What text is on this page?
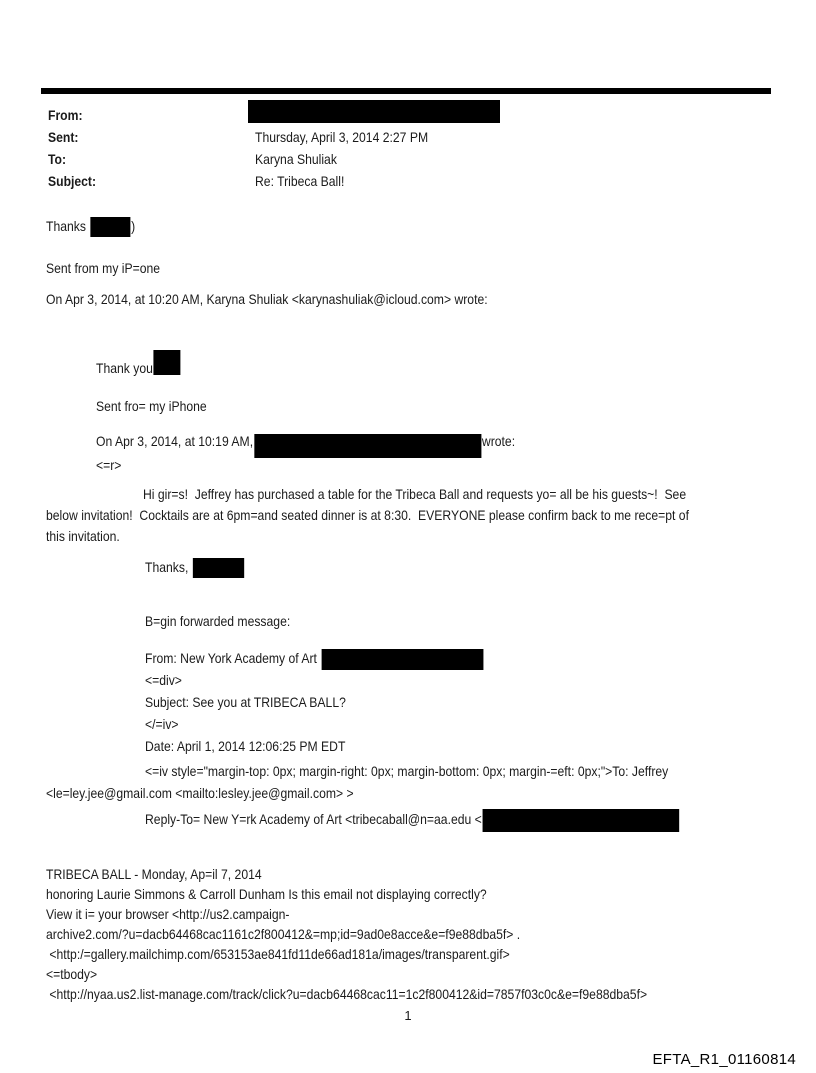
From:
Sent:	Thursday, April 3, 2014 2:27 PM
To:	Karyna Shuliak
Subject:	Re: Tribeca Ball!
Thanks	)
Sent from my iP=one
On Apr 3, 2014, at 10:20 AM, Karyna Shuliak <karynashuliak@icloud.com> wrote:
Thank you
Sent fro= my iPhone
On Apr 3, 2014, at 10:19 AM,	wrote:
<=r>
Hi gir=s!  Jeffrey has purchased a table for the Tribeca Ball and requests yo= all be his guests~!  See
below invitation!  Cocktails are at 6pm=and seated dinner is at 8:30.  EVERYONE please confirm back to me rece=pt of
this invitation.
Thanks,
B=gin forwarded message:
From: New York Academy of Art
<=div>
Subject: See you at TRIBECA BALL?
</=iv>
Date: April 1, 2014 12:06:25 PM EDT
<=iv style="margin-top: 0px; margin-right: 0px; margin-bottom: 0px; margin-=eft: 0px;">To: Jeffrey
<le=ley.jee@gmail.com <mailto:lesley.jee@gmail.com> >
Reply-To= New Y=rk Academy of Art <tribecaball@n=aa.edu <
TRIBECA BALL - Monday, Ap=il 7, 2014
honoring Laurie Simmons & Carroll Dunham Is this email not displaying correctly?
View it i= your browser <http://us2.campaign-
archive2.com/?u=dacb64468cac1161c2f800412&=mp;id=9ad0e8acce&e=f9e88dba5f> .
<http:/=gallery.mailchimp.com/653153ae841fd11de66ad181a/images/transparent.gif>
<=tbody>
<http://nyaa.us2.list-manage.com/track/click?u=dacb64468cac11=1c2f800412&id=7857f03c0c&e=f9e88dba5f>
1
EFTA_R1_01160814
